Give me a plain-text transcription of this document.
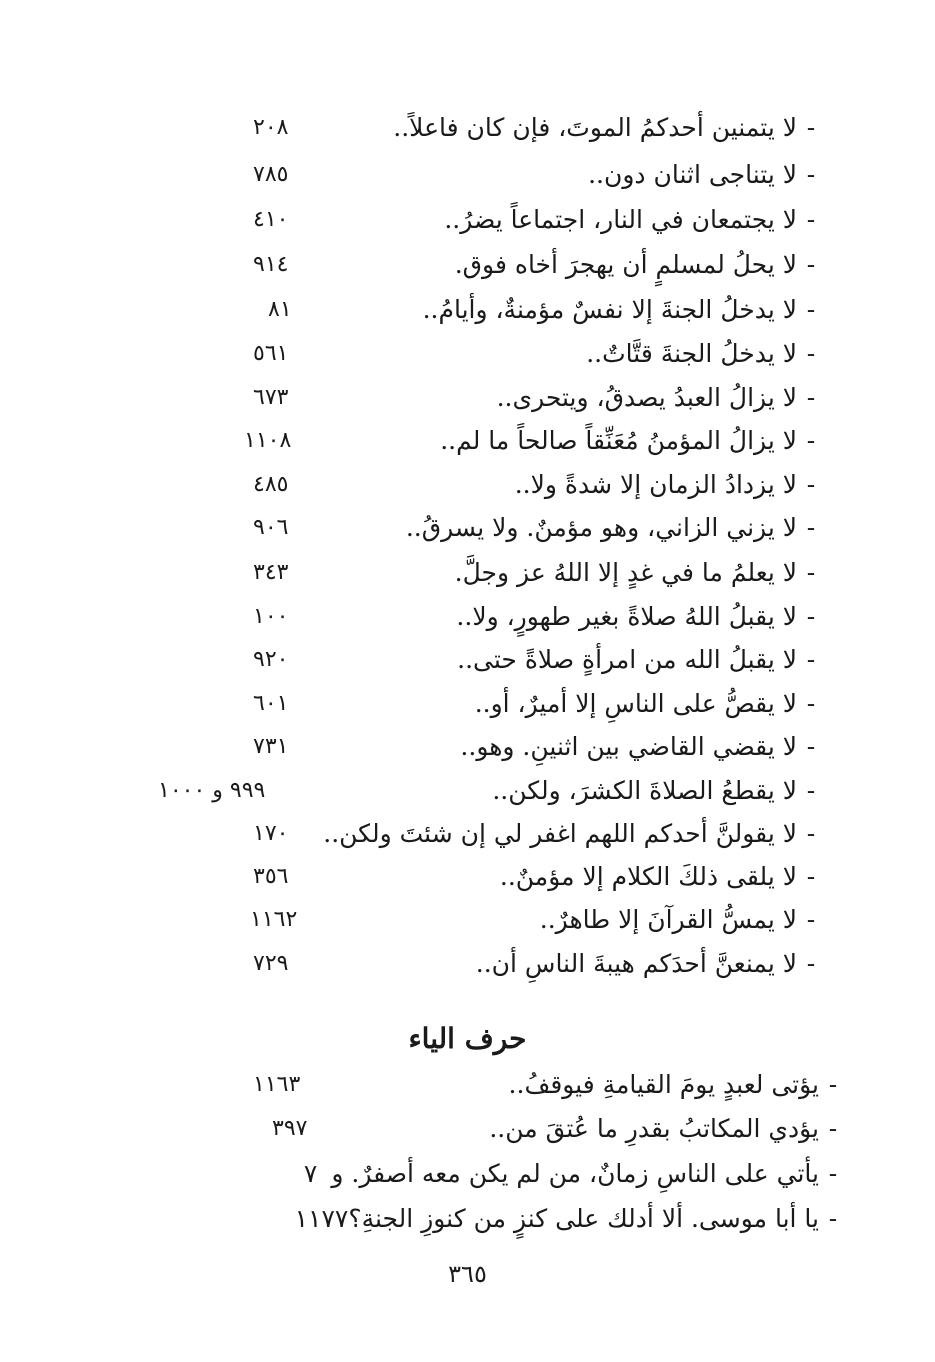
-
لا يتمنين أحدكمُ الموتَ، فإن كان فاعلاً..
٢٠٨
-
لا يتناجى اثنان دون..
٧٨٥
-
لا يجتمعان في النار، اجتماعاً يضرُ..
٤١٠
-
لا يحلُ لمسلمٍ أن يهجرَ أخاه فوق.
٩١٤
-
لا يدخلُ الجنةَ إلا نفسٌ مؤمنةٌ، وأيامُ..
٨١
-
لا يدخلُ الجنةَ قتَّاتٌ..
٥٦١
-
لا يزالُ العبدُ يصدقُ، ويتحرى..
٦٧٣
-
لا يزالُ المؤمنُ مُعَنِّقاً صالحاً ما لم..
١١٠٨
-
لا يزدادُ الزمان إلا شدةً ولا..
٤٨٥
-
لا يزني الزاني، وهو مؤمنٌ. ولا يسرقُ..
٩٠٦
-
لا يعلمُ ما في غدٍ إلا اللهُ عز وجلَّ.
٣٤٣
-
لا يقبلُ اللهُ صلاةً بغير طهورٍ، ولا..
١٠٠
-
لا يقبلُ الله من امرأةٍ صلاةً حتى..
٩٢٠
-
لا يقصُّ على الناسِ إلا أميرٌ، أو..
٦٠١
-
لا يقضي القاضي بين اثنينِ. وهو..
٧٣١
-
لا يقطعُ الصلاةَ الكشرَ، ولكن..
٩٩٩ و ١٠٠٠
-
لا يقولنَّ أحدكم اللهم اغفر لي إن شئتَ ولكن..
١٧٠
-
لا يلقى ذلكَ الكلام إلا مؤمنٌ..
٣٥٦
-
لا يمسُّ القرآنَ إلا طاهرٌ..
١١٦٢
-
لا يمنعنَّ أحدَكم هيبةَ الناسِ أن..
٧٢٩
حرف الياء
-
يؤتى لعبدٍ يومَ القيامةِ فيوقفُ..
١١٦٣
-
يؤدي المكاتبُ بقدرِ ما عُتقَ من..
٣٩٧
-
يأتي على الناسِ زمانٌ، من لم يكن معه أصفرٌ. و
٧
-
يا أبا موسى. ألا أدلك على كنزٍ من كنوزِ الجنةِ؟
١١٧٧
٣٦٥
